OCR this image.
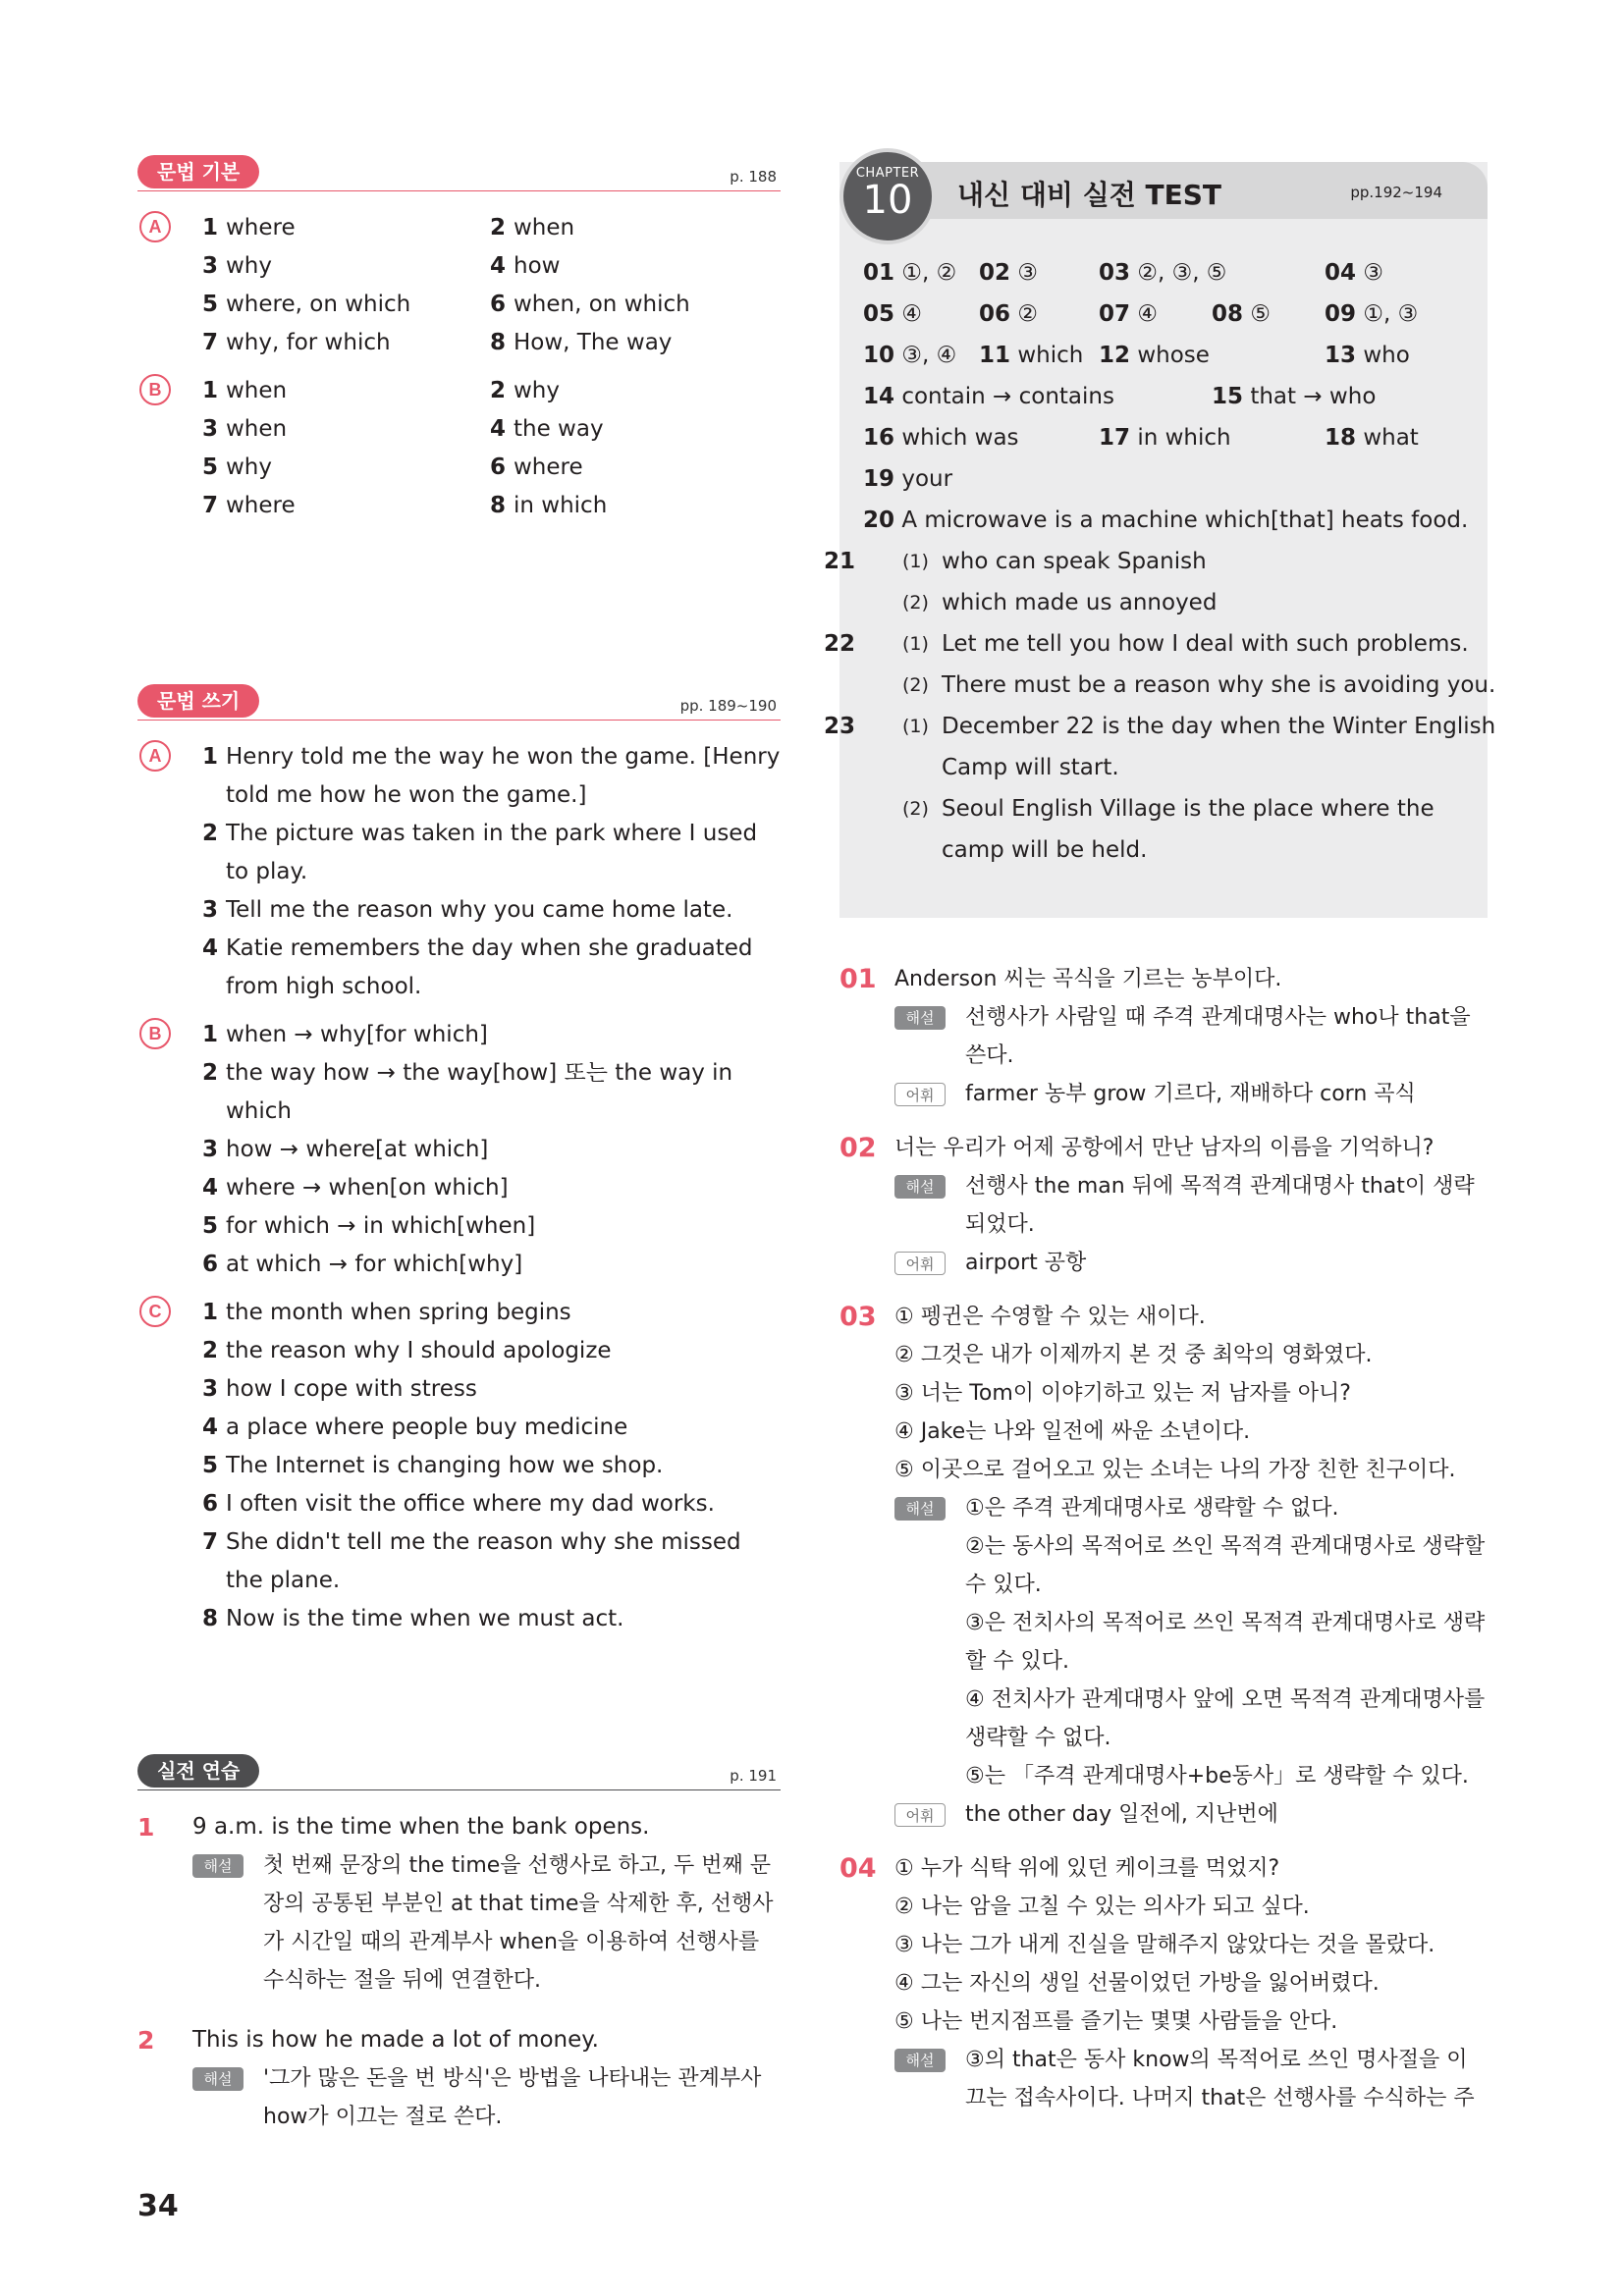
문법 기본	p. 188
A	1 where	2 when
3 why	4 how
5 where, on which	6 when, on which
7 why, for which	8 How, The way
B	1 when	2 why
3 when	4 the way
5 why	6 where
7 where	8 in which
문법 쓰기	pp. 189~190
A	1 Henry told me the way he won the game. [Henry told me how he won the game.]
2 The picture was taken in the park where I used to play.
3 Tell me the reason why you came home late.
4 Katie remembers the day when she graduated from high school.
B	1 when → why[for which]
2 the way how → the way[how] 또는 the way in which
3 how → where[at which]
4 where → when[on which]
5 for which → in which[when]
6 at which → for which[why]
C	1 the month when spring begins
2 the reason why I should apologize
3 how I cope with stress
4 a place where people buy medicine
5 The Internet is changing how we shop.
6 I often visit the office where my dad works.
7 She didn't tell me the reason why she missed the plane.
8 Now is the time when we must act.
실전 연습	p. 191
1 9 a.m. is the time when the bank opens.
해설	첫 번째 문장의 the time을 선행사로 하고, 두 번째 문장의 공통된 부분인 at that time을 삭제한 후, 선행사가 시간일 때의 관계부사 when을 이용하여 선행사를 수식하는 절을 뒤에 연결한다.
2 This is how he made a lot of money.
해설	'그가 많은 돈을 번 방식'은 방법을 나타내는 관계부사 how가 이끄는 절로 쓴다.
34
내신 대비 실전 TEST	pp.192~194
CHAPTER
10
01 ①, ② 02 ③	03 ②, ③, ⑤	04 ③

05 ④	06 ②	07 ④ 08 ⑤ 09 ①, ③

10 ③, ④ 11 which 12 whose	13 who

14 contain → contains	15 that → who

16 which was	17 in which	18 what

19 your

20 A microwave is a machine which[that] heats food.

21	(1) who can speak Spanish
(2) which made us annoyed
22	(1) Let me tell you how I deal with such problems.
(2) There must be a reason why she is avoiding you.
23	(1) December 22 is the day when the Winter English
Camp will start.
(2) Seoul English Village is the place where the
camp will be held.
01 Anderson 씨는 곡식을 기르는 농부이다.
해설	선행사가 사람일 때 주격 관계대명사는 who나 that을 쓴다.
어휘	farmer 농부 grow 기르다, 재배하다 corn 곡식
02 너는 우리가 어제 공항에서 만난 남자의 이름을 기억하니?
해설	선행사 the man 뒤에 목적격 관계대명사 that이 생략되었다.
어휘	airport 공항
03 ① 펭귄은 수영할 수 있는 새이다.
② 그것은 내가 이제까지 본 것 중 최악의 영화였다.
③ 너는 Tom이 이야기하고 있는 저 남자를 아니?
④ Jake는 나와 일전에 싸운 소년이다.
⑤ 이곳으로 걸어오고 있는 소녀는 나의 가장 친한 친구이다.
해설	①은 주격 관계대명사로 생략할 수 없다.
②는 동사의 목적어로 쓰인 목적격 관계대명사로 생략할 수 있다.
③은 전치사의 목적어로 쓰인 목적격 관계대명사로 생략할 수 있다.
④ 전치사가 관계대명사 앞에 오면 목적격 관계대명사를 생략할 수 없다.
⑤는 「주격 관계대명사+be동사」로 생략할 수 있다.
어휘	the other day 일전에, 지난번에
04 ① 누가 식탁 위에 있던 케이크를 먹었지?
② 나는 암을 고칠 수 있는 의사가 되고 싶다.
③ 나는 그가 내게 진실을 말해주지 않았다는 것을 몰랐다.
④ 그는 자신의 생일 선물이었던 가방을 잃어버렸다.
⑤ 나는 번지점프를 즐기는 몇몇 사람들을 안다.
해설	③의 that은 동사 know의 목적어로 쓰인 명사절을 이끄는 접속사이다. 나머지 that은 선행사를 수식하는 주
